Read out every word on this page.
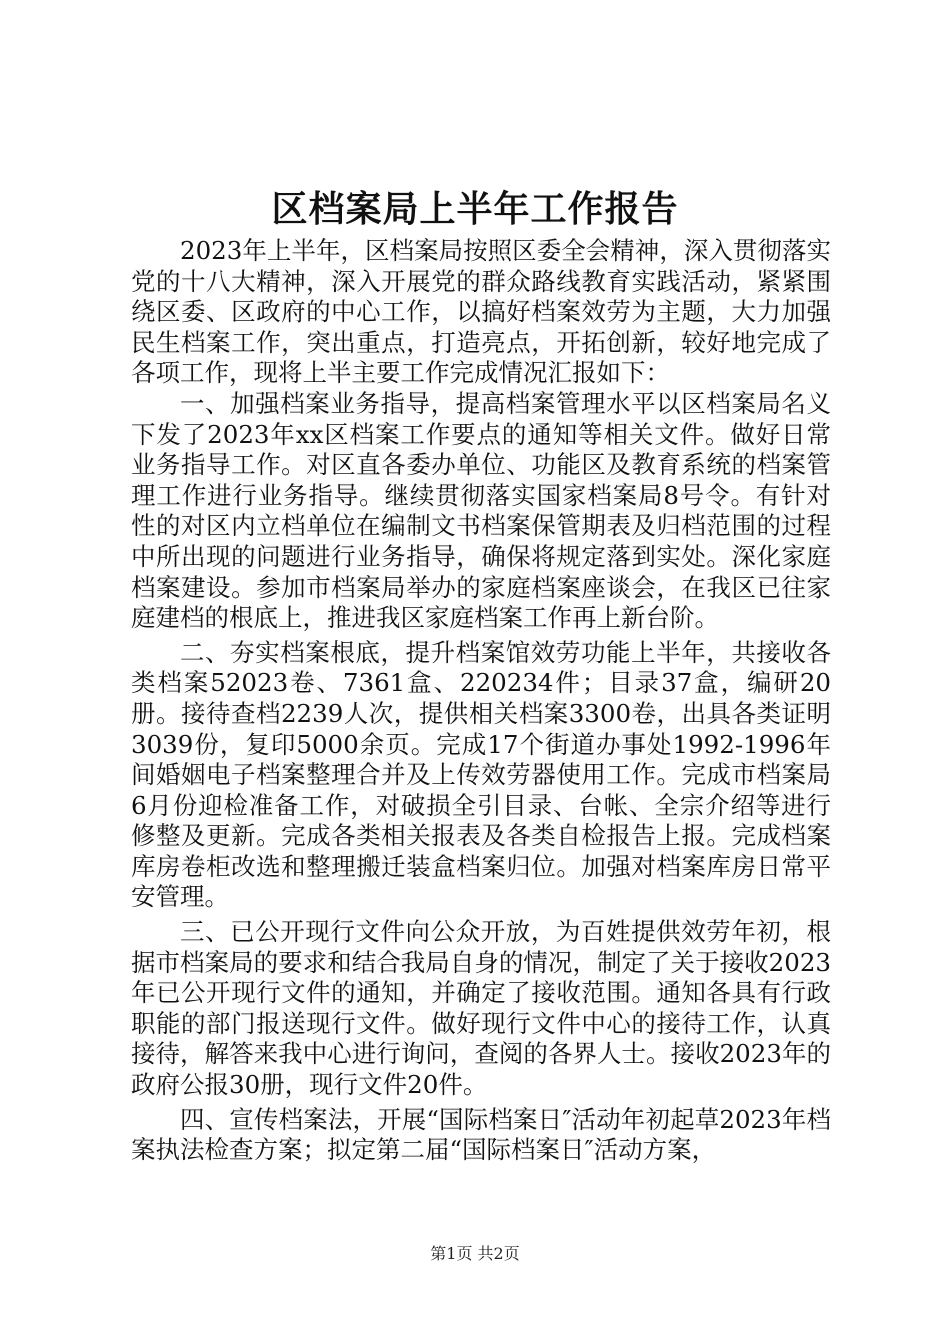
区档案局上半年工作报告

2023年上半年，区档案局按照区委全会精神，深入贯彻落实党的十八大精神，深入开展党的群众路线教育实践活动，紧紧围绕区委、区政府的中心工作，以搞好档案效劳为主题，大力加强民生档案工作，突出重点，打造亮点，开拓创新，较好地完成了各项工作，现将上半主要工作完成情况汇报如下：

一、加强档案业务指导，提高档案管理水平以区档案局名义下发了2023年xx区档案工作要点的通知等相关文件。做好日常业务指导工作。对区直各委办单位、功能区及教育系统的档案管理工作进行业务指导。继续贯彻落实国家档案局8号令。有针对性的对区内立档单位在编制文书档案保管期表及归档范围的过程中所出现的问题进行业务指导，确保将规定落到实处。深化家庭档案建设。参加市档案局举办的家庭档案座谈会，在我区已往家庭建档的根底上，推进我区家庭档案工作再上新台阶。

二、夯实档案根底，提升档案馆效劳功能上半年，共接收各类档案52023卷、7361盒、220234件；目录37盒，编研20册。接待查档2239人次，提供相关档案3300卷，出具各类证明3039份，复印5000余页。完成17个街道办事处1992-1996年间婚姻电子档案整理合并及上传效劳器使用工作。完成市档案局6月份迎检准备工作，对破损全引目录、台帐、全宗介绍等进行修整及更新。完成各类相关报表及各类自检报告上报。完成档案库房卷柜改选和整理搬迁装盒档案归位。加强对档案库房日常平安管理。

三、已公开现行文件向公众开放，为百姓提供效劳年初，根据市档案局的要求和结合我局自身的情况，制定了关于接收2023年已公开现行文件的通知，并确定了接收范围。通知各具有行政职能的部门报送现行文件。做好现行文件中心的接待工作，认真接待，解答来我中心进行询问，查阅的各界人士。接收2023年的政府公报30册，现行文件20件。

四、宣传档案法，开展“国际档案日″活动年初起草2023年档案执法检查方案；拟定第二届“国际档案日″活动方案，

第1页 共2页
